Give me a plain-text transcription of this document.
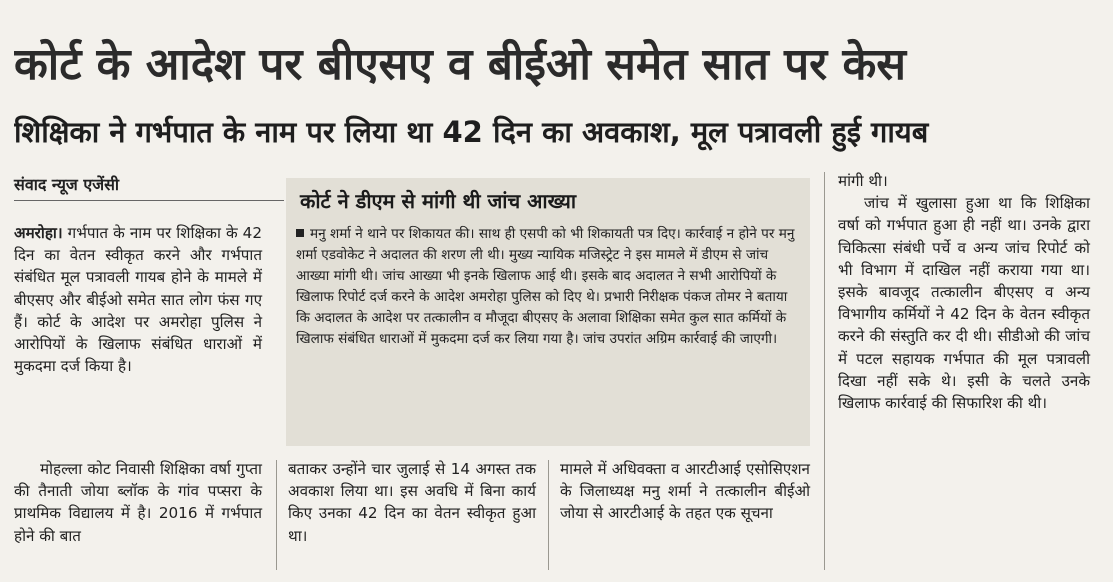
कोर्ट के आदेश पर बीएसए व बीईओ समेत सात पर केस
शिक्षिका ने गर्भपात के नाम पर लिया था 42 दिन का अवकाश, मूल पत्रावली हुई गायब
संवाद न्यूज एजेंसी

अमरोहा। गर्भपात के नाम पर शिक्षिका के 42 दिन का वेतन स्वीकृत करने और गर्भपात संबंधित मूल पत्रावली गायब होने के मामले में बीएसए और बीईओ समेत सात लोग फंस गए हैं। कोर्ट के आदेश पर अमरोहा पुलिस ने आरोपियों के खिलाफ संबंधित धाराओं में मुकदमा दर्ज किया है।

मोहल्ला कोट निवासी शिक्षिका वर्षा गुप्ता की तैनाती जोया ब्लॉक के गांव पप्सरा के प्राथमिक विद्यालय में है। 2016 में गर्भपात होने की बात

बताकर उन्होंने चार जुलाई से 14 अगस्त तक अवकाश लिया था। इस अवधि में बिना कार्य किए उनका 42 दिन का वेतन स्वीकृत हुआ था।

मामले में अधिवक्ता व आरटीआई एसोसिएशन के जिलाध्यक्ष मनु शर्मा ने तत्कालीन बीईओ जोया से आरटीआई के तहत एक सूचना

मांगी थी।

जांच में खुलासा हुआ था कि शिक्षिका वर्षा को गर्भपात हुआ ही नहीं था। उनके द्वारा चिकित्सा संबंधी पर्चे व अन्य जांच रिपोर्ट को भी विभाग में दाखिल नहीं कराया गया था। इसके बावजूद तत्कालीन बीएसए व अन्य विभागीय कर्मियों ने 42 दिन के वेतन स्वीकृत करने की संस्तुति कर दी थी। सीडीओ की जांच में पटल सहायक गर्भपात की मूल पत्रावली दिखा नहीं सके थे। इसी के चलते उनके खिलाफ कार्रवाई की सिफारिश की थी।

कोर्ट ने डीएम से मांगी थी जांच आख्या

मनु शर्मा ने थाने पर शिकायत की। साथ ही एसपी को भी शिकायती पत्र दिए। कार्रवाई न होने पर मनु शर्मा एडवोकेट ने अदालत की शरण ली थी। मुख्य न्यायिक मजिस्ट्रेट ने इस मामले में डीएम से जांच आख्या मांगी थी। जांच आख्या भी इनके खिलाफ आई थी। इसके बाद अदालत ने सभी आरोपियों के खिलाफ रिपोर्ट दर्ज करने के आदेश अमरोहा पुलिस को दिए थे। प्रभारी निरीक्षक पंकज तोमर ने बताया कि अदालत के आदेश पर तत्कालीन व मौजूदा बीएसए के अलावा शिक्षिका समेत कुल सात कर्मियों के खिलाफ संबंधित धाराओं में मुकदमा दर्ज कर लिया गया है। जांच उपरांत अग्रिम कार्रवाई की जाएगी।
